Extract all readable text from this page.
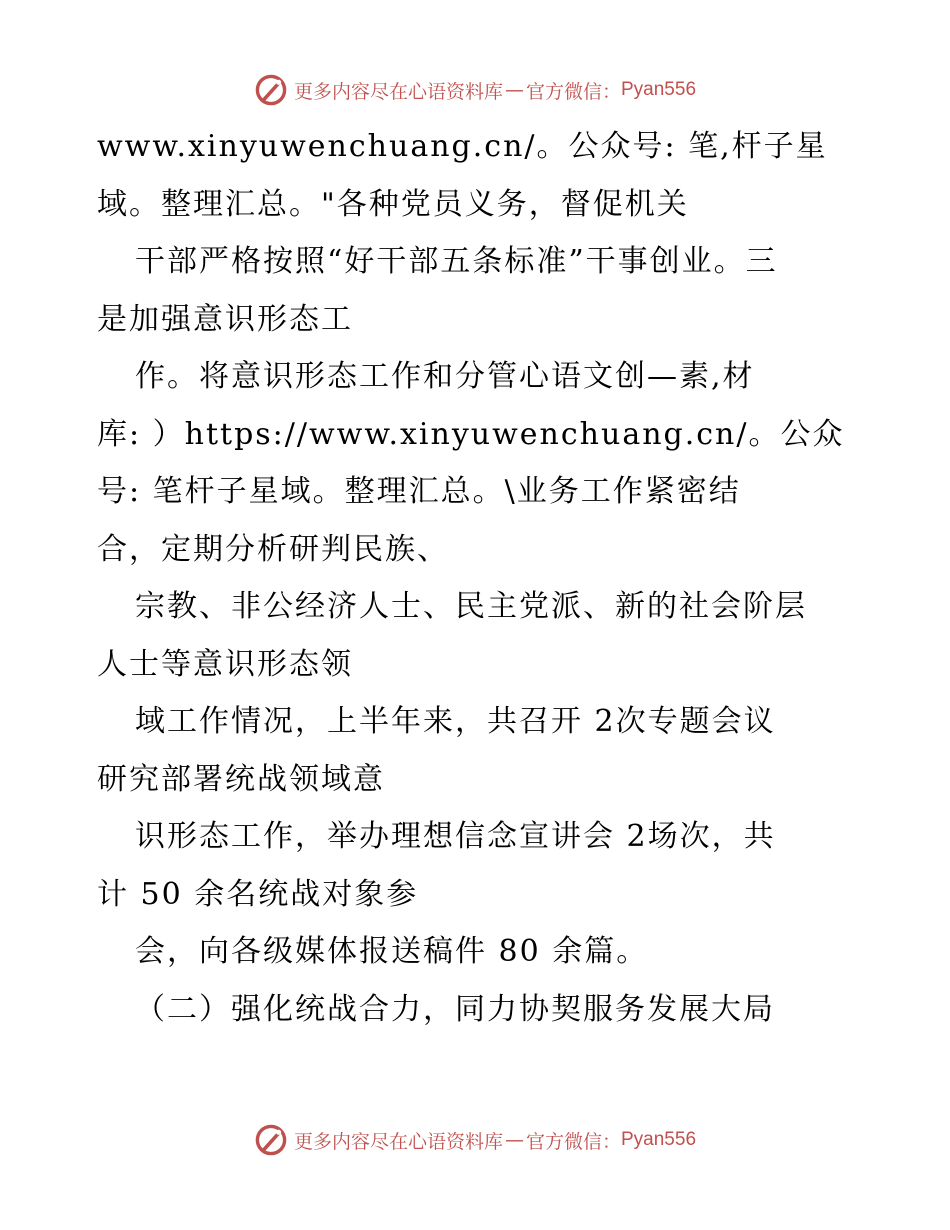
更多内容尽在心语资料库 — 官方微信： Pyan556
www.xinyuwenchuang.cn/。公众号: 笔,杆子星
域。整理汇总。"各种党员义务，督促机关
干部严格按照“好干部五条标准”干事创业。三
是加强意识形态工
作。将意识形态工作和分管心语文创—素,材
库: ）https://www.xinyuwenchuang.cn/。公众
号: 笔杆子星域。整理汇总。\业务工作紧密结
合，定期分析研判民族、
宗教、非公经济人士、民主党派、新的社会阶层
人士等意识形态领
域工作情况，上半年来，共召开 2次专题会议
研究部署统战领域意
识形态工作，举办理想信念宣讲会 2场次，共
计 50 余名统战对象参
会，向各级媒体报送稿件 80 余篇。
（二）强化统战合力，同力协契服务发展大局
更多内容尽在心语资料库 — 官方微信： Pyan556
